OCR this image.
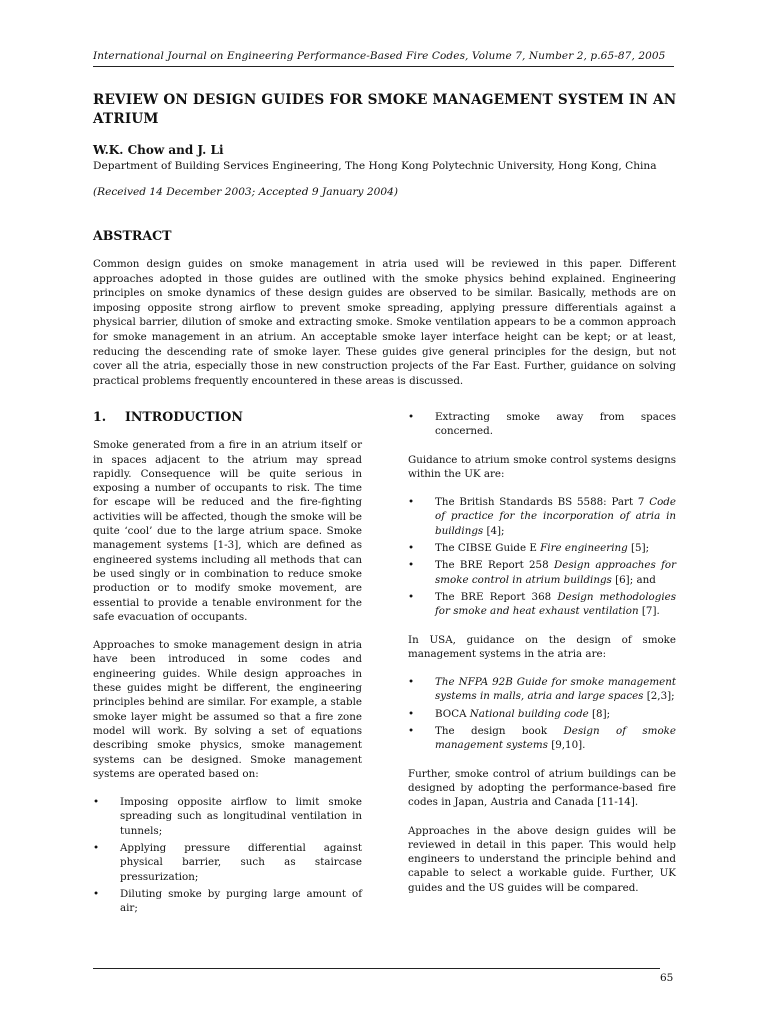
International Journal on Engineering Performance-Based Fire Codes, Volume 7, Number 2, p.65-87, 2005
REVIEW ON DESIGN GUIDES FOR SMOKE MANAGEMENT SYSTEM IN AN ATRIUM
W.K. Chow and J. Li
Department of Building Services Engineering, The Hong Kong Polytechnic University, Hong Kong, China
(Received 14 December 2003; Accepted 9 January 2004)
ABSTRACT
Common design guides on smoke management in atria used will be reviewed in this paper. Different approaches adopted in those guides are outlined with the smoke physics behind explained. Engineering principles on smoke dynamics of these design guides are observed to be similar. Basically, methods are on imposing opposite strong airflow to prevent smoke spreading, applying pressure differentials against a physical barrier, dilution of smoke and extracting smoke. Smoke ventilation appears to be a common approach for smoke management in an atrium. An acceptable smoke layer interface height can be kept; or at least, reducing the descending rate of smoke layer. These guides give general principles for the design, but not cover all the atria, especially those in new construction projects of the Far East. Further, guidance on solving practical problems frequently encountered in these areas is discussed.
1.	INTRODUCTION

Smoke generated from a fire in an atrium itself or in spaces adjacent to the atrium may spread rapidly. Consequence will be quite serious in exposing a number of occupants to risk. The time for escape will be reduced and the fire-fighting activities will be affected, though the smoke will be quite ‘cool’ due to the large atrium space. Smoke management systems [1-3], which are defined as engineered systems including all methods that can be used singly or in combination to reduce smoke production or to modify smoke movement, are essential to provide a tenable environment for the safe evacuation of occupants.

Approaches to smoke management design in atria have been introduced in some codes and engineering guides. While design approaches in these guides might be different, the engineering principles behind are similar. For example, a stable smoke layer might be assumed so that a fire zone model will work. By solving a set of equations describing smoke physics, smoke management systems can be designed. Smoke management systems are operated based on:

•	Imposing opposite airflow to limit smoke spreading such as longitudinal ventilation in tunnels;
•	Applying pressure differential against physical barrier, such as staircase pressurization;
•	Diluting smoke by purging large amount of air;
•	Extracting smoke away from spaces concerned.

Guidance to atrium smoke control systems designs within the UK are:

•	The British Standards BS 5588: Part 7 Code of practice for the incorporation of atria in buildings [4];
•	The CIBSE Guide E Fire engineering [5];
•	The BRE Report 258 Design approaches for smoke control in atrium buildings [6]; and
•	The BRE Report 368 Design methodologies for smoke and heat exhaust ventilation [7].

In USA, guidance on the design of smoke management systems in the atria are:

•	The NFPA 92B Guide for smoke management systems in malls, atria and large spaces [2,3];
•	BOCA National building code [8];
•	The design book Design of smoke management systems [9,10].

Further, smoke control of atrium buildings can be designed by adopting the performance-based fire codes in Japan, Austria and Canada [11-14].

Approaches in the above design guides will be reviewed in detail in this paper. This would help engineers to understand the principle behind and capable to select a workable guide. Further, UK guides and the US guides will be compared.

65
